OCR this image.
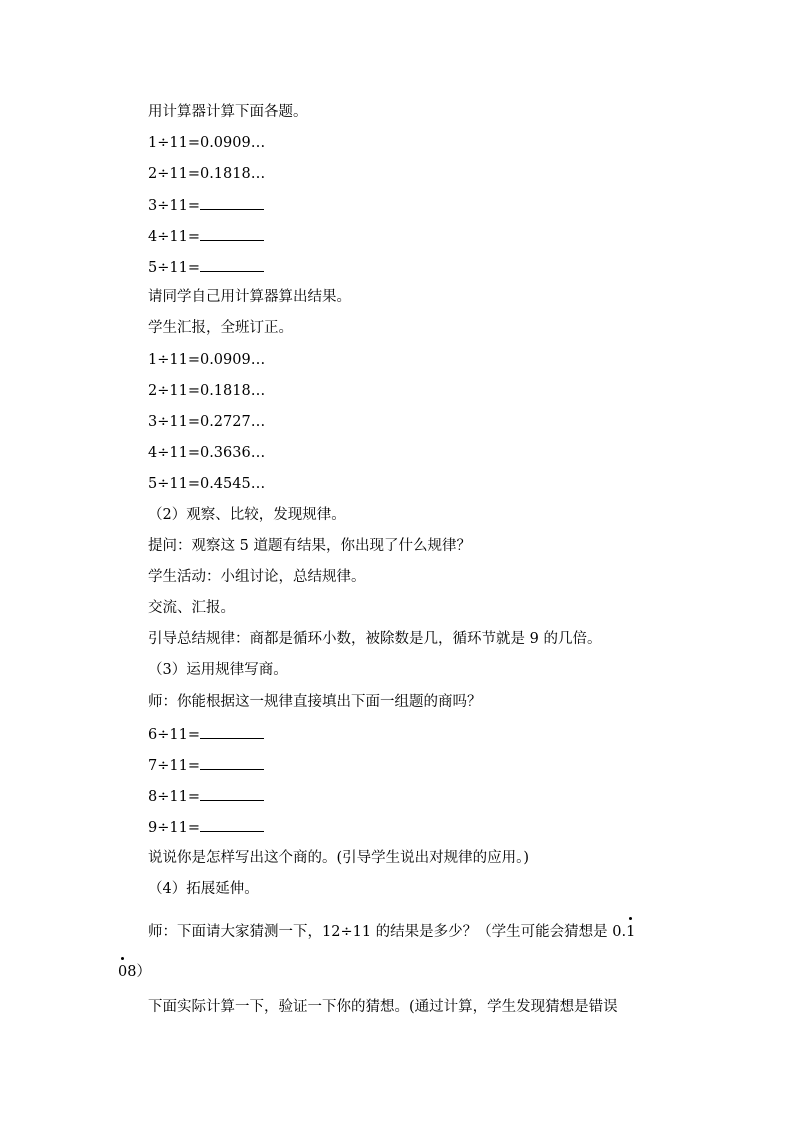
用计算器计算下面各题。
1÷11=0.0909…
2÷11=0.1818…
3÷11=
4÷11=
5÷11=
请同学自己用计算器算出结果。
学生汇报，全班订正。
1÷11=0.0909…
2÷11=0.1818…
3÷11=0.2727…
4÷11=0.3636…
5÷11=0.4545…
（2）观察、比较，发现规律。
提问：观察这 5 道题有结果，你出现了什么规律？
学生活动：小组讨论，总结规律。
交流、汇报。
引导总结规律：商都是循环小数，被除数是几，循环节就是 9 的几倍。
（3）运用规律写商。
师：你能根据这一规律直接填出下面一组题的商吗？
6÷11=
7÷11=
8÷11=
9÷11=
说说你是怎样写出这个商的。(引导学生说出对规律的应用。)
（4）拓展延伸。
师：下面请大家猜测一下，12÷11 的结果是多少？（学生可能会猜想是 0.1
08）
下面实际计算一下，验证一下你的猜想。(通过计算，学生发现猜想是错误
